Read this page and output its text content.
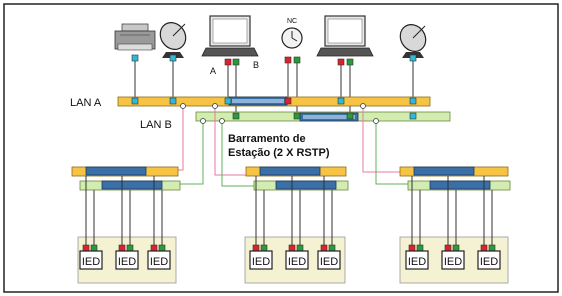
A
B
NC
LAN A
LAN B
Barramento de
Estação (2 X RSTP)
IED IED IED	IED IED IED	IED IED IED
